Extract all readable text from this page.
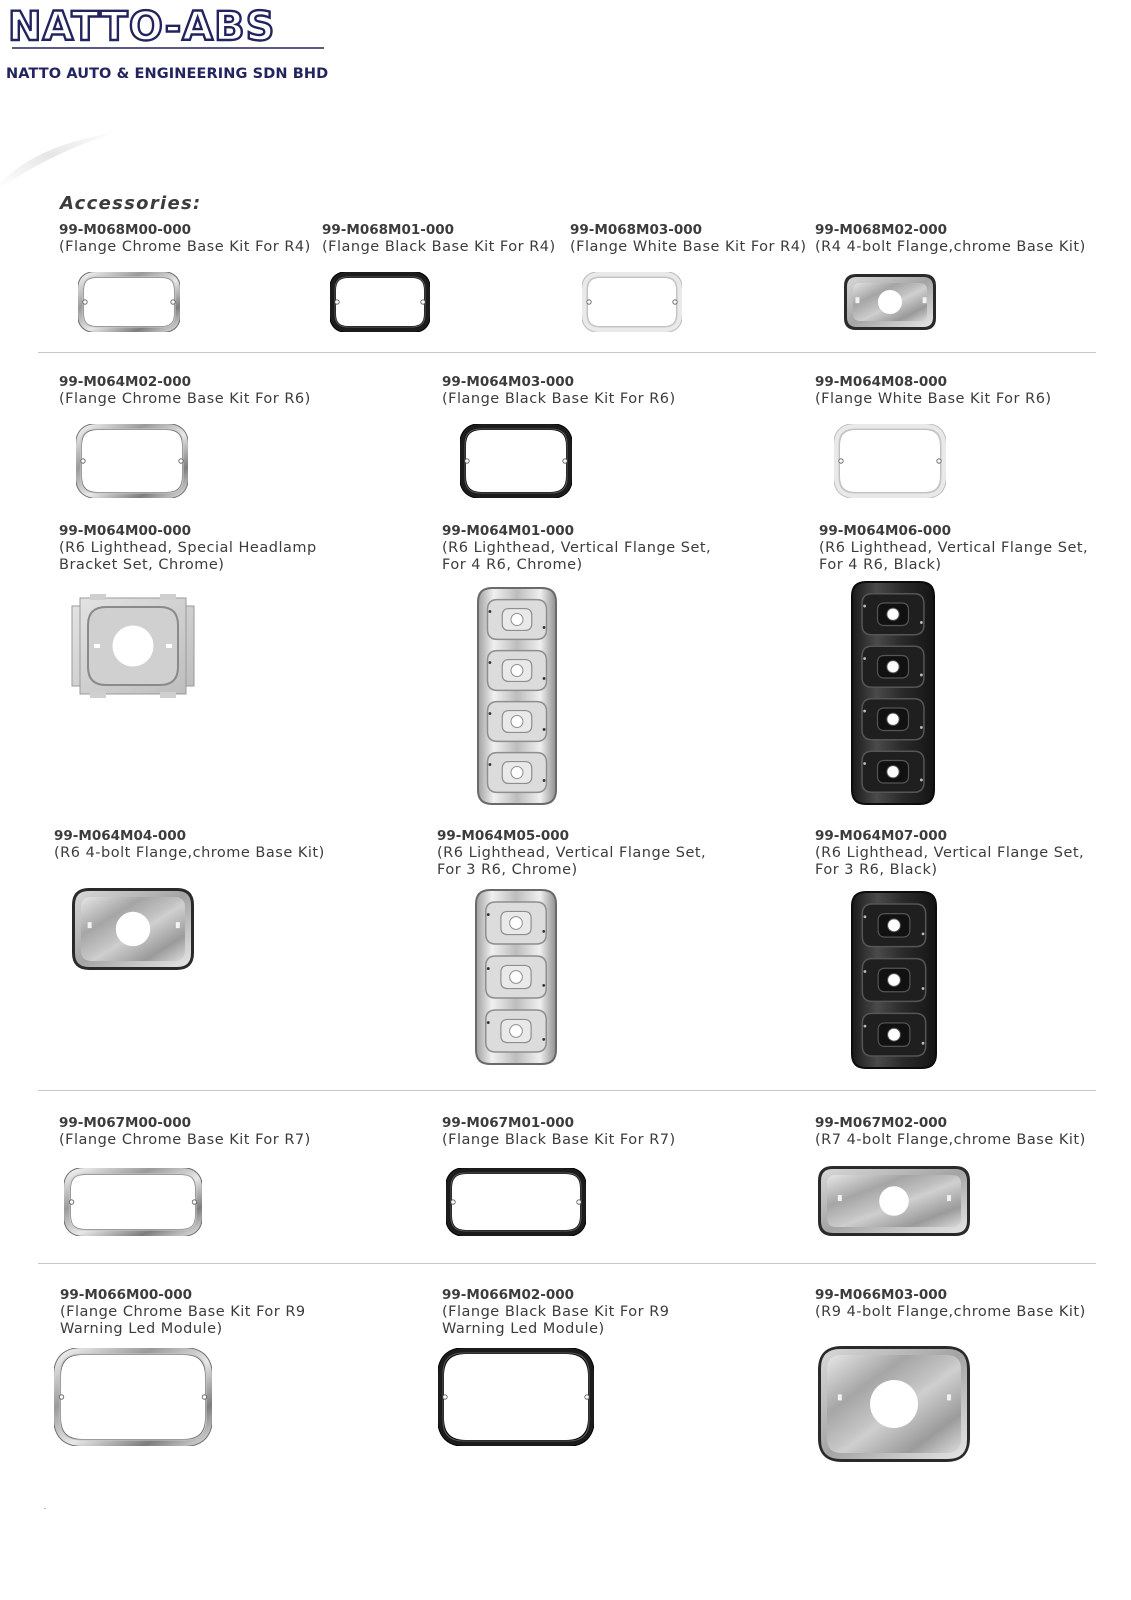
NATTO-ABS
NATTO AUTO & ENGINEERING SDN BHD
Accessories:
99-M068M00-000
(Flange Chrome Base Kit For R4)
99-M068M01-000
(Flange Black Base Kit For R4)
99-M068M03-000
(Flange White Base Kit For R4)
99-M068M02-000
(R4 4-bolt Flange,chrome Base Kit)
99-M064M02-000
(Flange Chrome Base Kit For R6)
99-M064M03-000
(Flange Black Base Kit For R6)
99-M064M08-000
(Flange White Base Kit For R6)
99-M064M00-000
(R6 Lighthead, Special Headlamp
Bracket Set, Chrome)
99-M064M01-000
(R6 Lighthead, Vertical Flange Set,
For 4 R6, Chrome)
99-M064M06-000
(R6 Lighthead, Vertical Flange Set,
For 4 R6, Black)
99-M064M04-000
(R6 4-bolt Flange,chrome Base Kit)
99-M064M05-000
(R6 Lighthead, Vertical Flange Set,
For 3 R6, Chrome)
99-M064M07-000
(R6 Lighthead, Vertical Flange Set,
For 3 R6, Black)
99-M067M00-000
(Flange Chrome Base Kit For R7)
99-M067M01-000
(Flange Black Base Kit For R7)
99-M067M02-000
(R7 4-bolt Flange,chrome Base Kit)
99-M066M00-000
(Flange Chrome Base Kit For R9
Warning Led Module)
99-M066M02-000
(Flange Black Base Kit For R9
Warning Led Module)
99-M066M03-000
(R9 4-bolt Flange,chrome Base Kit)
